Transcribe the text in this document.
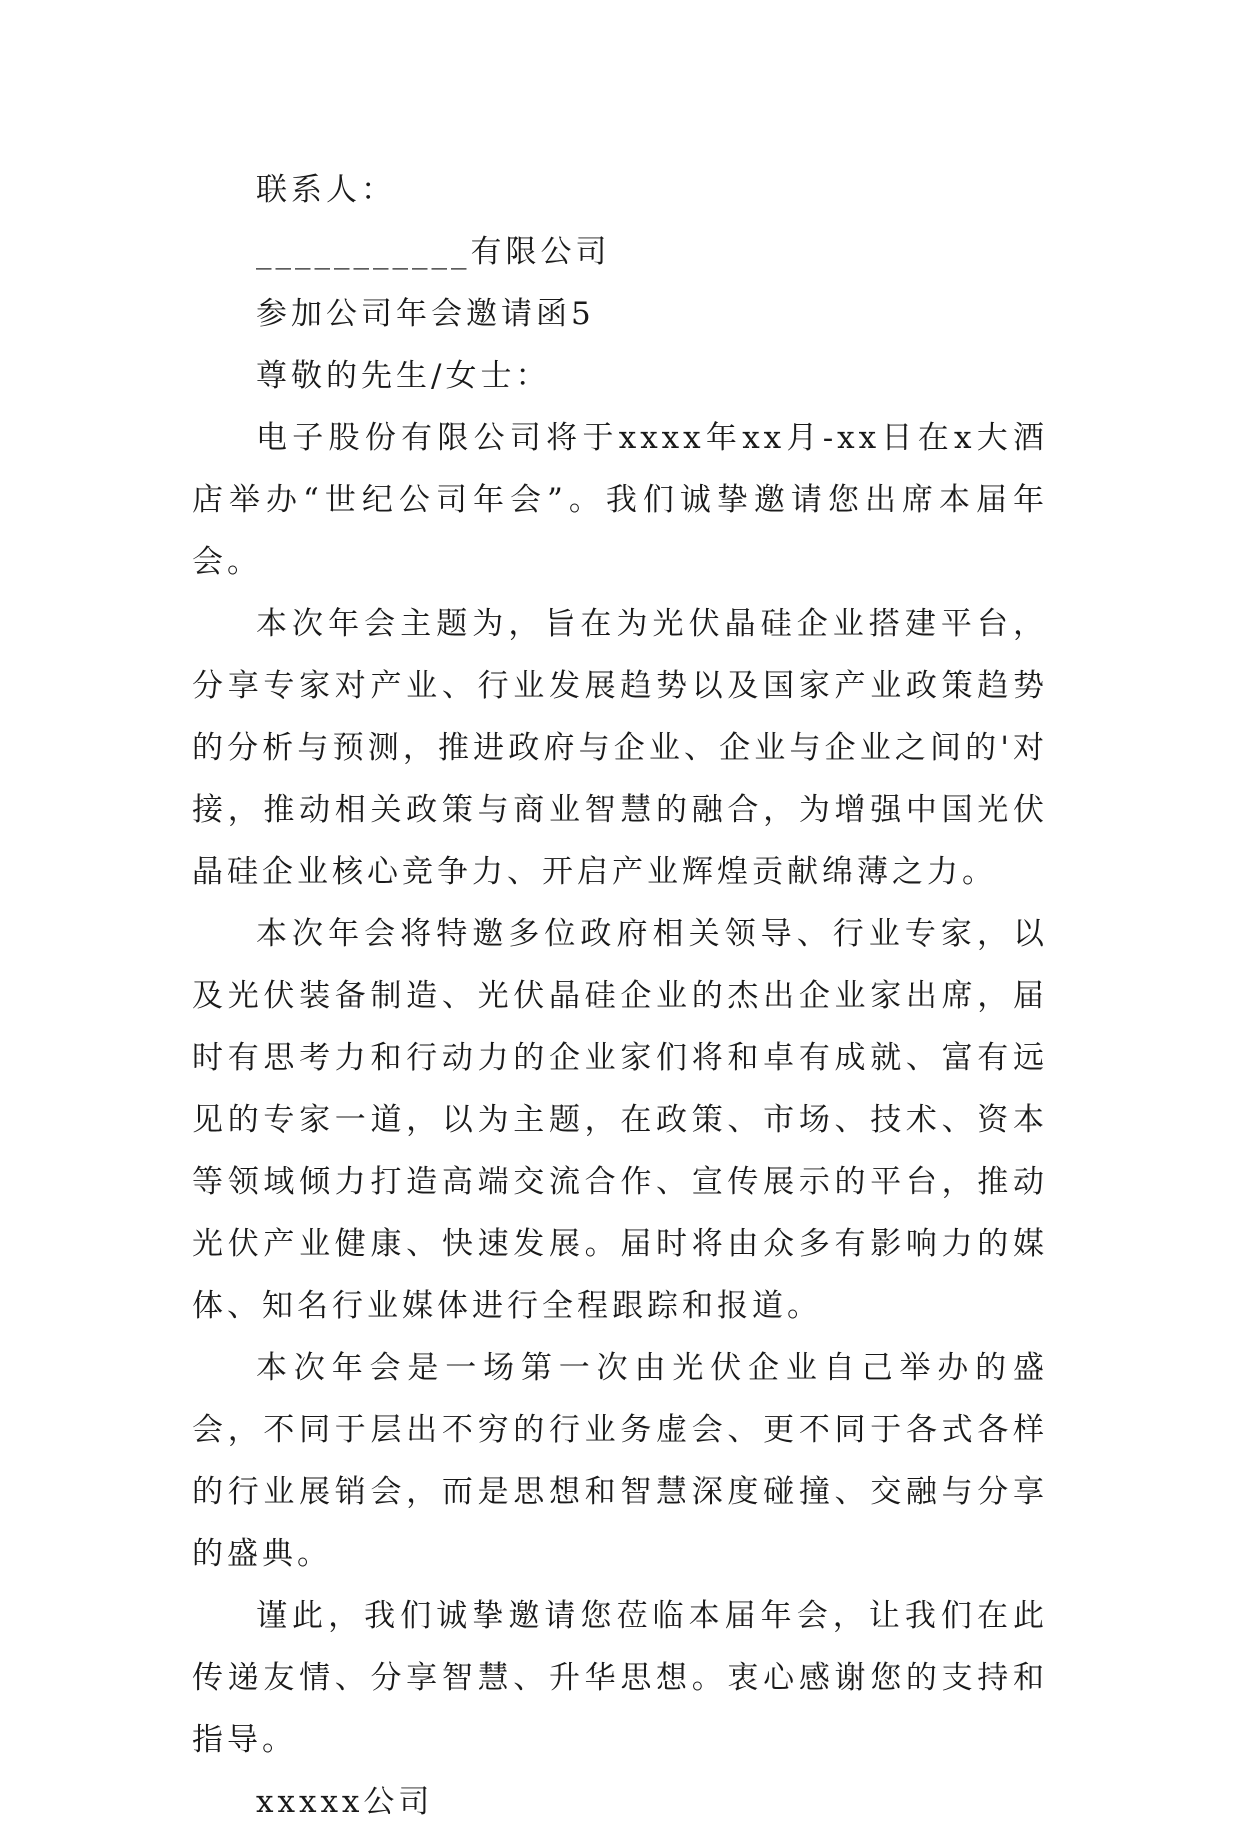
联系人：

___________有限公司

参加公司年会邀请函5

尊敬的先生/女士：

电子股份有限公司将于xxxx年xx月-xx日在x大酒店举办“世纪公司年会”。我们诚挚邀请您出席本届年会。

本次年会主题为，旨在为光伏晶硅企业搭建平台，分享专家对产业、行业发展趋势以及国家产业政策趋势的分析与预测，推进政府与企业、企业与企业之间的'对接，推动相关政策与商业智慧的融合，为增强中国光伏晶硅企业核心竞争力、开启产业辉煌贡献绵薄之力。

本次年会将特邀多位政府相关领导、行业专家，以及光伏装备制造、光伏晶硅企业的杰出企业家出席，届时有思考力和行动力的企业家们将和卓有成就、富有远见的专家一道，以为主题，在政策、市场、技术、资本等领域倾力打造高端交流合作、宣传展示的平台，推动光伏产业健康、快速发展。届时将由众多有影响力的媒体、知名行业媒体进行全程跟踪和报道。

本次年会是一场第一次由光伏企业自己举办的盛会，不同于层出不穷的行业务虚会、更不同于各式各样的行业展销会，而是思想和智慧深度碰撞、交融与分享的盛典。

谨此，我们诚挚邀请您莅临本届年会，让我们在此传递友情、分享智慧、升华思想。衷心感谢您的支持和指导。

xxxxx公司
